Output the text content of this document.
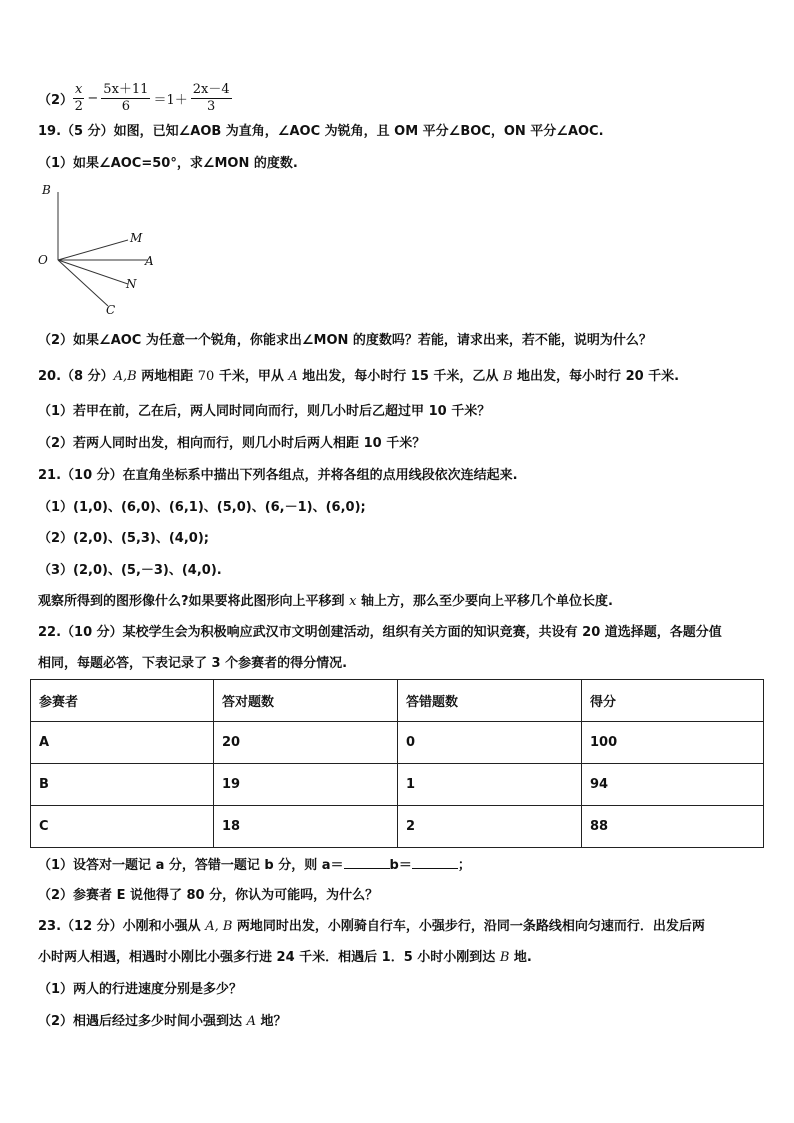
$(2) \frac{x}{2} - \frac{5x+11}{6} =1+ \frac{2x-4}{3}$
19.（5 分）如图，已知∠AOB 为直角，∠AOC 为锐角，且 OM 平分∠BOC，ON 平分∠AOC.
（1）如果∠AOC=50°，求∠MON 的度数.
B
M
O	A
N
C
（2）如果∠AOC 为任意一个锐角，你能求出∠MON 的度数吗？若能，请求出来，若不能，说明为什么？
20.（8 分）A,B 两地相距 70 千米，甲从 A 地出发，每小时行 15 千米，乙从 B 地出发，每小时行 20 千米.
（1）若甲在前，乙在后，两人同时同向而行，则几小时后乙超过甲 10 千米？
（2）若两人同时出发，相向而行，则几小时后两人相距 10 千米？
21.（10 分）在直角坐标系中描出下列各组点，并将各组的点用线段依次连结起来.
（1）(1,0)、(6,0)、(6,1)、(5,0)、(6,－1)、(6,0);
（2）(2,0)、(5,3)、(4,0);
（3）(2,0)、(5,－3)、(4,0).
观察所得到的图形像什么?如果要将此图形向上平移到 x 轴上方，那么至少要向上平移几个单位长度.
22.（10 分）某校学生会为积极响应武汉市文明创建活动，组织有关方面的知识竞赛，共设有 20 道选择题，各题分值
相同，每题必答，下表记录了 3 个参赛者的得分情况.
参赛者	答对题数	答错题数	得分
A	20	0	100
B	19	1	94
C	18	2	88
（1）设答对一题记 a 分，答错一题记 b 分，则 a＝	b＝	；
（2）参赛者 E 说他得了 80 分，你认为可能吗，为什么？
23.（12 分）小刚和小强从 A, B 两地同时出发，小刚骑自行车，小强步行，沿同一条路线相向匀速而行．出发后两
小时两人相遇，相遇时小刚比小强多行进 24 千米．相遇后 1．5 小时小刚到达 B 地.
（1）两人的行进速度分别是多少？
（2）相遇后经过多少时间小强到达 A 地？
